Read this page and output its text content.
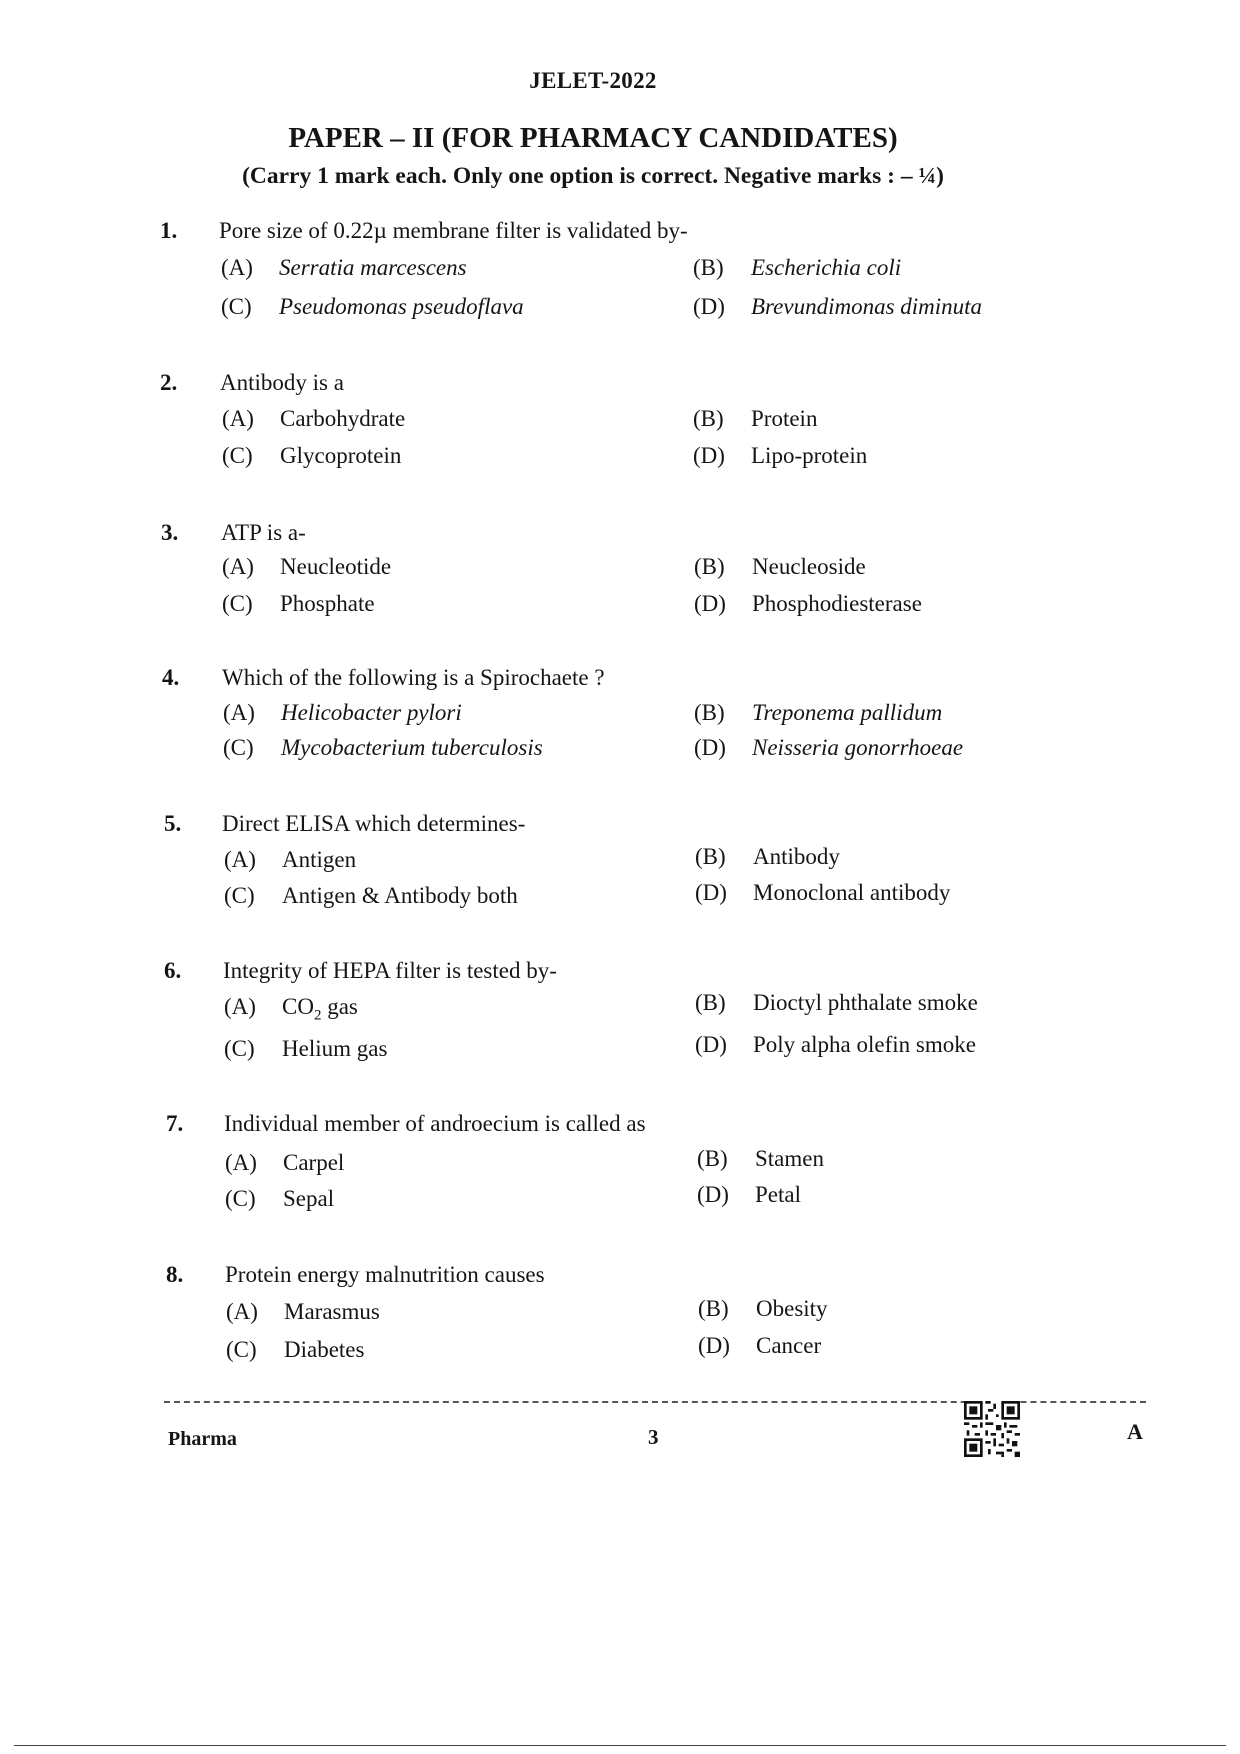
JELET-2022
PAPER – II (FOR PHARMACY CANDIDATES)
(Carry 1 mark each. Only one option is correct. Negative marks : – ¼)
1. Pore size of 0.22µ membrane filter is validated by-
(A) Serratia marcescens	(B) Escherichia coli
(C) Pseudomonas pseudoflava	(D) Brevundimonas diminuta
2. Antibody is a
(A) Carbohydrate	(B) Protein
(C) Glycoprotein	(D) Lipo-protein
3. ATP is a-
(A) Neucleotide	(B) Neucleoside
(C) Phosphate	(D) Phosphodiesterase
4. Which of the following is a Spirochaete ?
(A) Helicobacter pylori	(B) Treponema pallidum
(C) Mycobacterium tuberculosis	(D) Neisseria gonorrhoeae
5. Direct ELISA which determines-
(A) Antigen	(B) Antibody
(C) Antigen & Antibody both	(D) Monoclonal antibody
6. Integrity of HEPA filter is tested by-
(A) $CO_2$ gas	(B) Dioctyl phthalate smoke
(C) Helium gas	(D) Poly alpha olefin smoke
7. Individual member of androecium is called as
(A) Carpel	(B) Stamen
(C) Sepal	(D) Petal
8. Protein energy malnutrition causes
(A) Marasmus	(B) Obesity
(C) Diabetes	(D) Cancer
Pharma	3	A
